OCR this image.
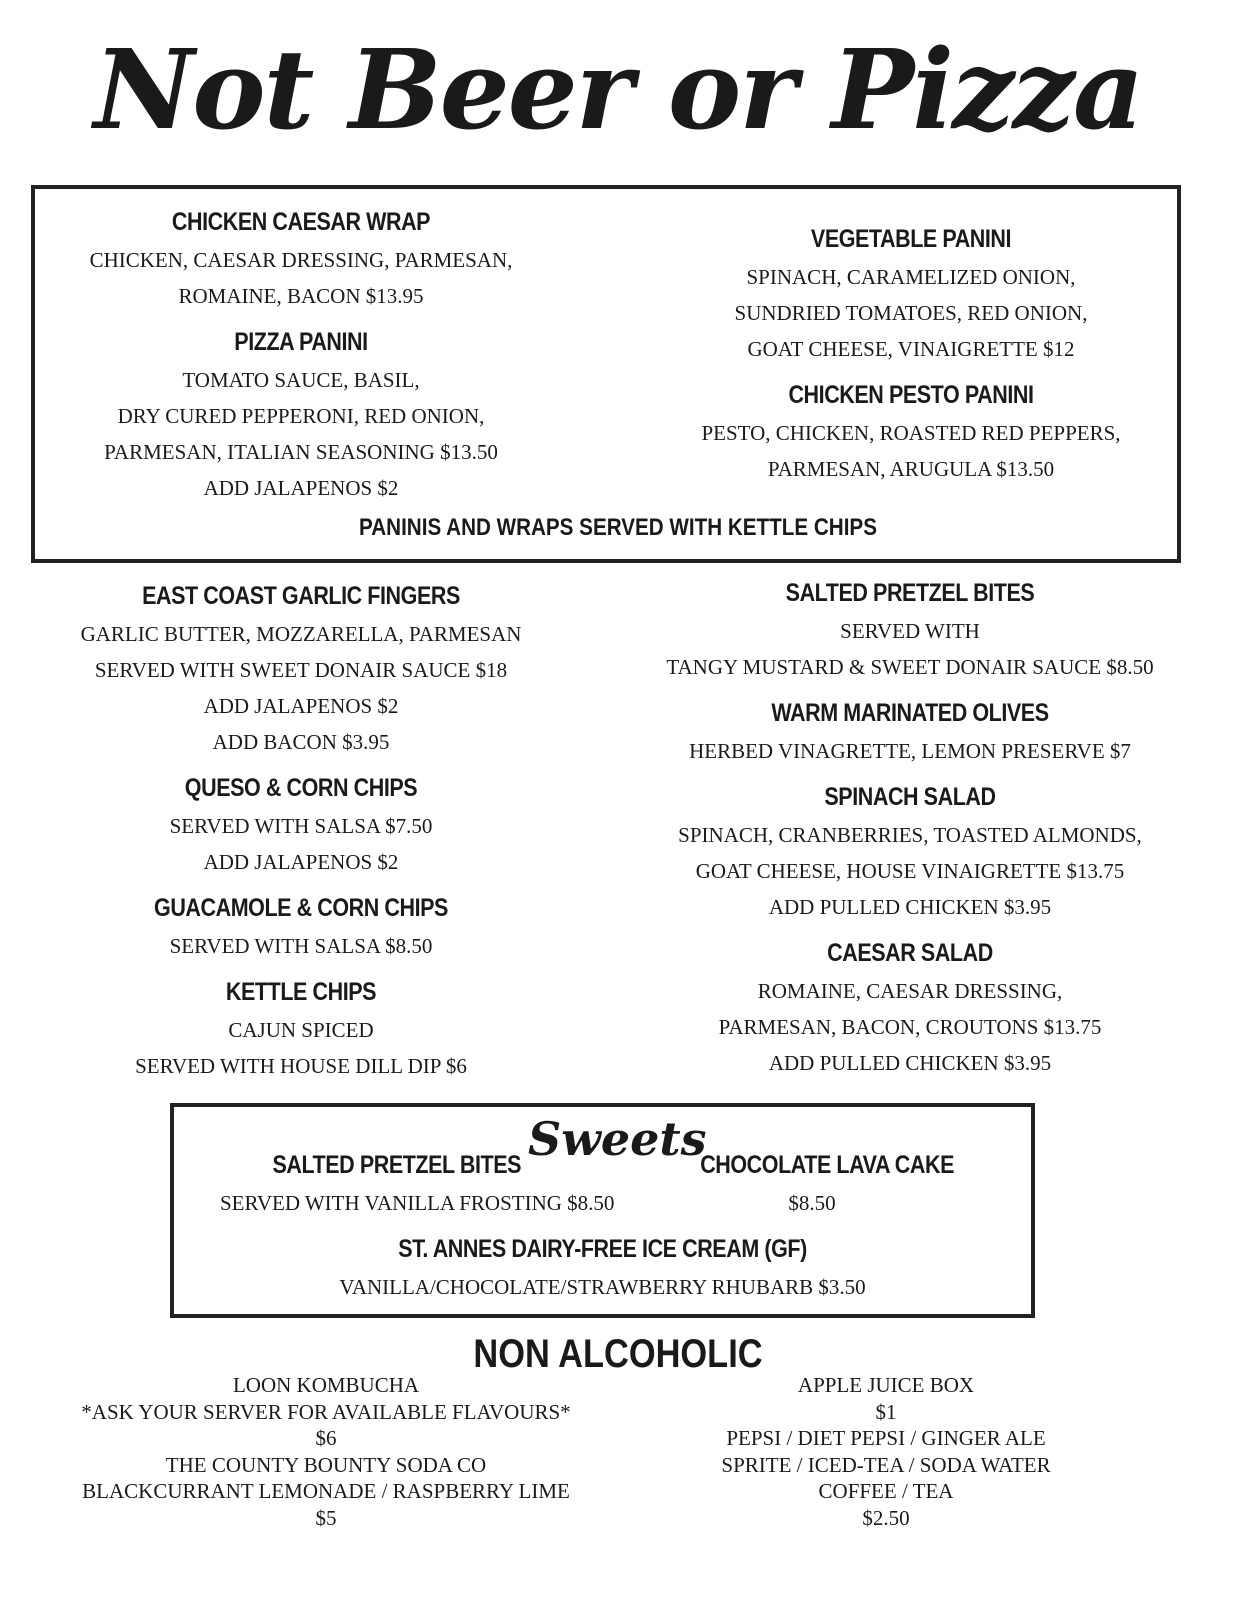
Not Beer or Pizza
CHICKEN CAESAR WRAP
CHICKEN, CAESAR DRESSING, PARMESAN,
ROMAINE, BACON $13.95
PIZZA PANINI
TOMATO SAUCE, BASIL,
DRY CURED PEPPERONI, RED ONION,
PARMESAN, ITALIAN SEASONING $13.50
ADD JALAPENOS $2
VEGETABLE PANINI
SPINACH, CARAMELIZED ONION,
SUNDRIED TOMATOES, RED ONION,
GOAT CHEESE, VINAIGRETTE $12
CHICKEN PESTO PANINI
PESTO, CHICKEN, ROASTED RED PEPPERS,
PARMESAN, ARUGULA $13.50
PANINIS AND WRAPS SERVED WITH KETTLE CHIPS
EAST COAST GARLIC FINGERS
GARLIC BUTTER, MOZZARELLA, PARMESAN
SERVED WITH SWEET DONAIR SAUCE $18
ADD JALAPENOS $2
ADD BACON $3.95
QUESO & CORN CHIPS
SERVED WITH SALSA $7.50
ADD JALAPENOS $2
GUACAMOLE & CORN CHIPS
SERVED WITH SALSA $8.50
KETTLE CHIPS
CAJUN SPICED
SERVED WITH HOUSE DILL DIP $6
SALTED PRETZEL BITES
SERVED WITH
TANGY MUSTARD & SWEET DONAIR SAUCE $8.50
WARM MARINATED OLIVES
HERBED VINAGRETTE, LEMON PRESERVE $7
SPINACH SALAD
SPINACH, CRANBERRIES, TOASTED ALMONDS,
GOAT CHEESE, HOUSE VINAIGRETTE $13.75
ADD PULLED CHICKEN $3.95
CAESAR SALAD
ROMAINE, CAESAR DRESSING,
PARMESAN, BACON, CROUTONS $13.75
ADD PULLED CHICKEN $3.95
Sweets
SALTED PRETZEL BITES
SERVED WITH VANILLA FROSTING $8.50
CHOCOLATE LAVA CAKE
$8.50
ST. ANNES DAIRY-FREE ICE CREAM (GF)
VANILLA/CHOCOLATE/STRAWBERRY RHUBARB $3.50
NON ALCOHOLIC
LOON KOMBUCHA
*ASK YOUR SERVER FOR AVAILABLE FLAVOURS*
$6
THE COUNTY BOUNTY SODA CO
BLACKCURRANT LEMONADE / RASPBERRY LIME
$5
APPLE JUICE BOX
$1
PEPSI / DIET PEPSI / GINGER ALE
SPRITE / ICED-TEA / SODA WATER
COFFEE / TEA
$2.50
